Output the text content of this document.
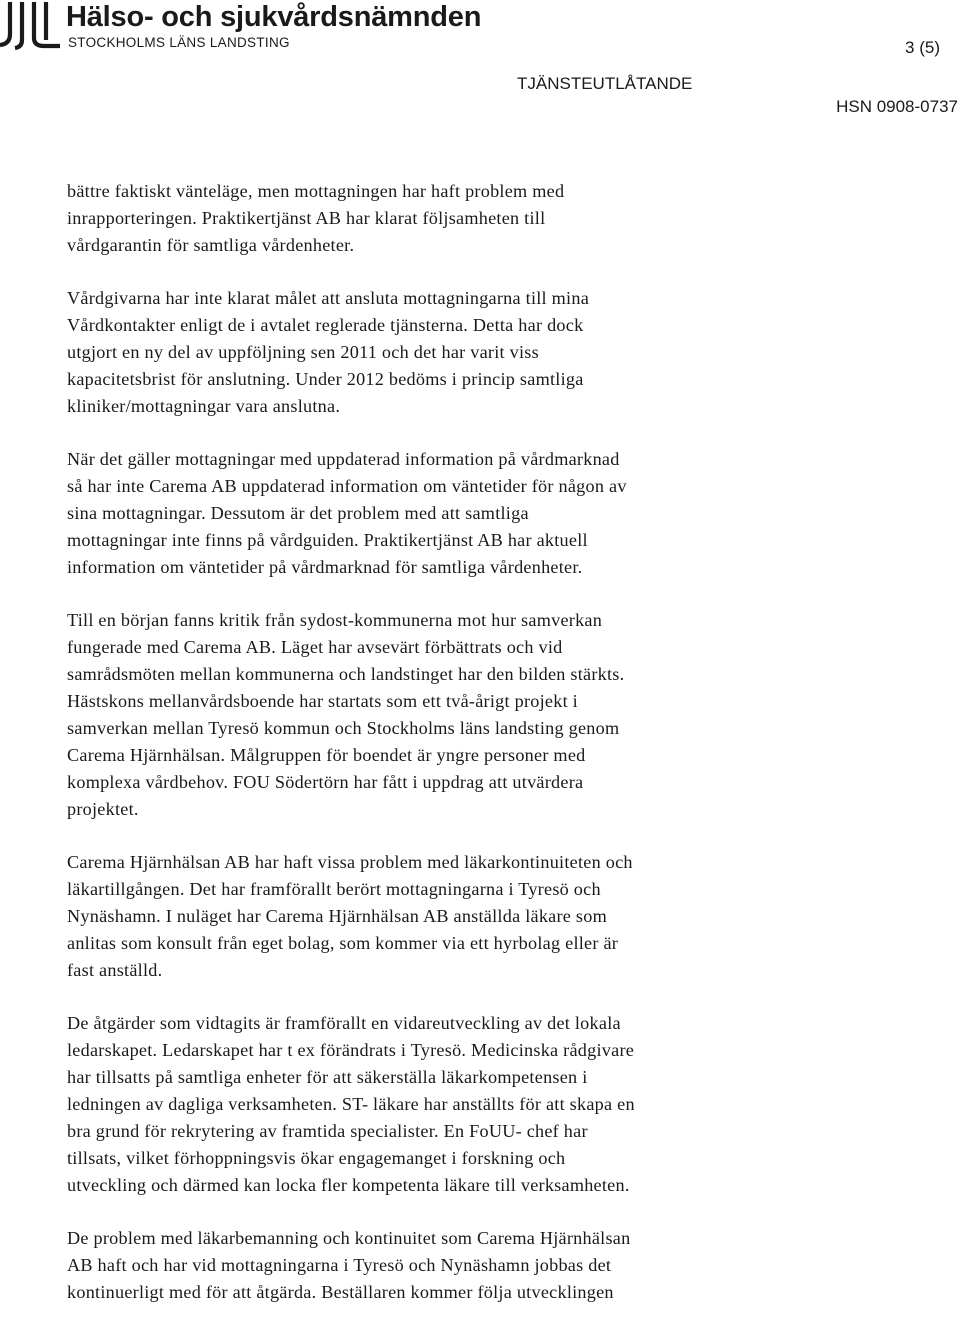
Hälso- och sjukvårdsnämnden
STOCKHOLMS LÄNS LANDSTING	3 (5)
TJÄNSTEUTLÅTANDE
HSN 0908-0737
bättre faktiskt vänteläge, men mottagningen har haft problem med
inrapporteringen. Praktikertjänst AB har klarat följsamheten till
vårdgarantin för samtliga vårdenheter.
Vårdgivarna har inte klarat målet att ansluta mottagningarna till mina
Vårdkontakter enligt de i avtalet reglerade tjänsterna. Detta har dock
utgjort en ny del av uppföljning sen 2011 och det har varit viss
kapacitetsbrist för anslutning. Under 2012 bedöms i princip samtliga
kliniker/mottagningar vara anslutna.
När det gäller mottagningar med uppdaterad information på vårdmarknad
så har inte Carema AB uppdaterad information om väntetider för någon av
sina mottagningar. Dessutom är det problem med att samtliga
mottagningar inte finns på vårdguiden. Praktikertjänst AB har aktuell
information om väntetider på vårdmarknad för samtliga vårdenheter.
Till en början fanns kritik från sydost-kommunerna mot hur samverkan
fungerade med Carema AB. Läget har avsevärt förbättrats och vid
samrådsmöten mellan kommunerna och landstinget har den bilden stärkts.
Hästskons mellanvårdsboende har startats som ett två-årigt projekt i
samverkan mellan Tyresö kommun och Stockholms läns landsting genom
Carema Hjärnhälsan. Målgruppen för boendet är yngre personer med
komplexa vårdbehov. FOU Södertörn har fått i uppdrag att utvärdera
projektet.
Carema Hjärnhälsan AB har haft vissa problem med läkarkontinuiteten och
läkartillgången. Det har framförallt berört mottagningarna i Tyresö och
Nynäshamn. I nuläget har Carema Hjärnhälsan AB anställda läkare som
anlitas som konsult från eget bolag, som kommer via ett hyrbolag eller är
fast anställd.
De åtgärder som vidtagits är framförallt en vidareutveckling av det lokala
ledarskapet. Ledarskapet har t ex förändrats i Tyresö. Medicinska rådgivare
har tillsatts på samtliga enheter för att säkerställa läkarkompetensen i
ledningen av dagliga verksamheten. ST- läkare har anställts för att skapa en
bra grund för rekrytering av framtida specialister. En FoUU- chef har
tillsats, vilket förhoppningsvis ökar engagemanget i forskning och
utveckling och därmed kan locka fler kompetenta läkare till verksamheten.
De problem med läkarbemanning och kontinuitet som Carema Hjärnhälsan
AB haft och har vid mottagningarna i Tyresö och Nynäshamn jobbas det
kontinuerligt med för att åtgärda. Beställaren kommer följa utvecklingen
